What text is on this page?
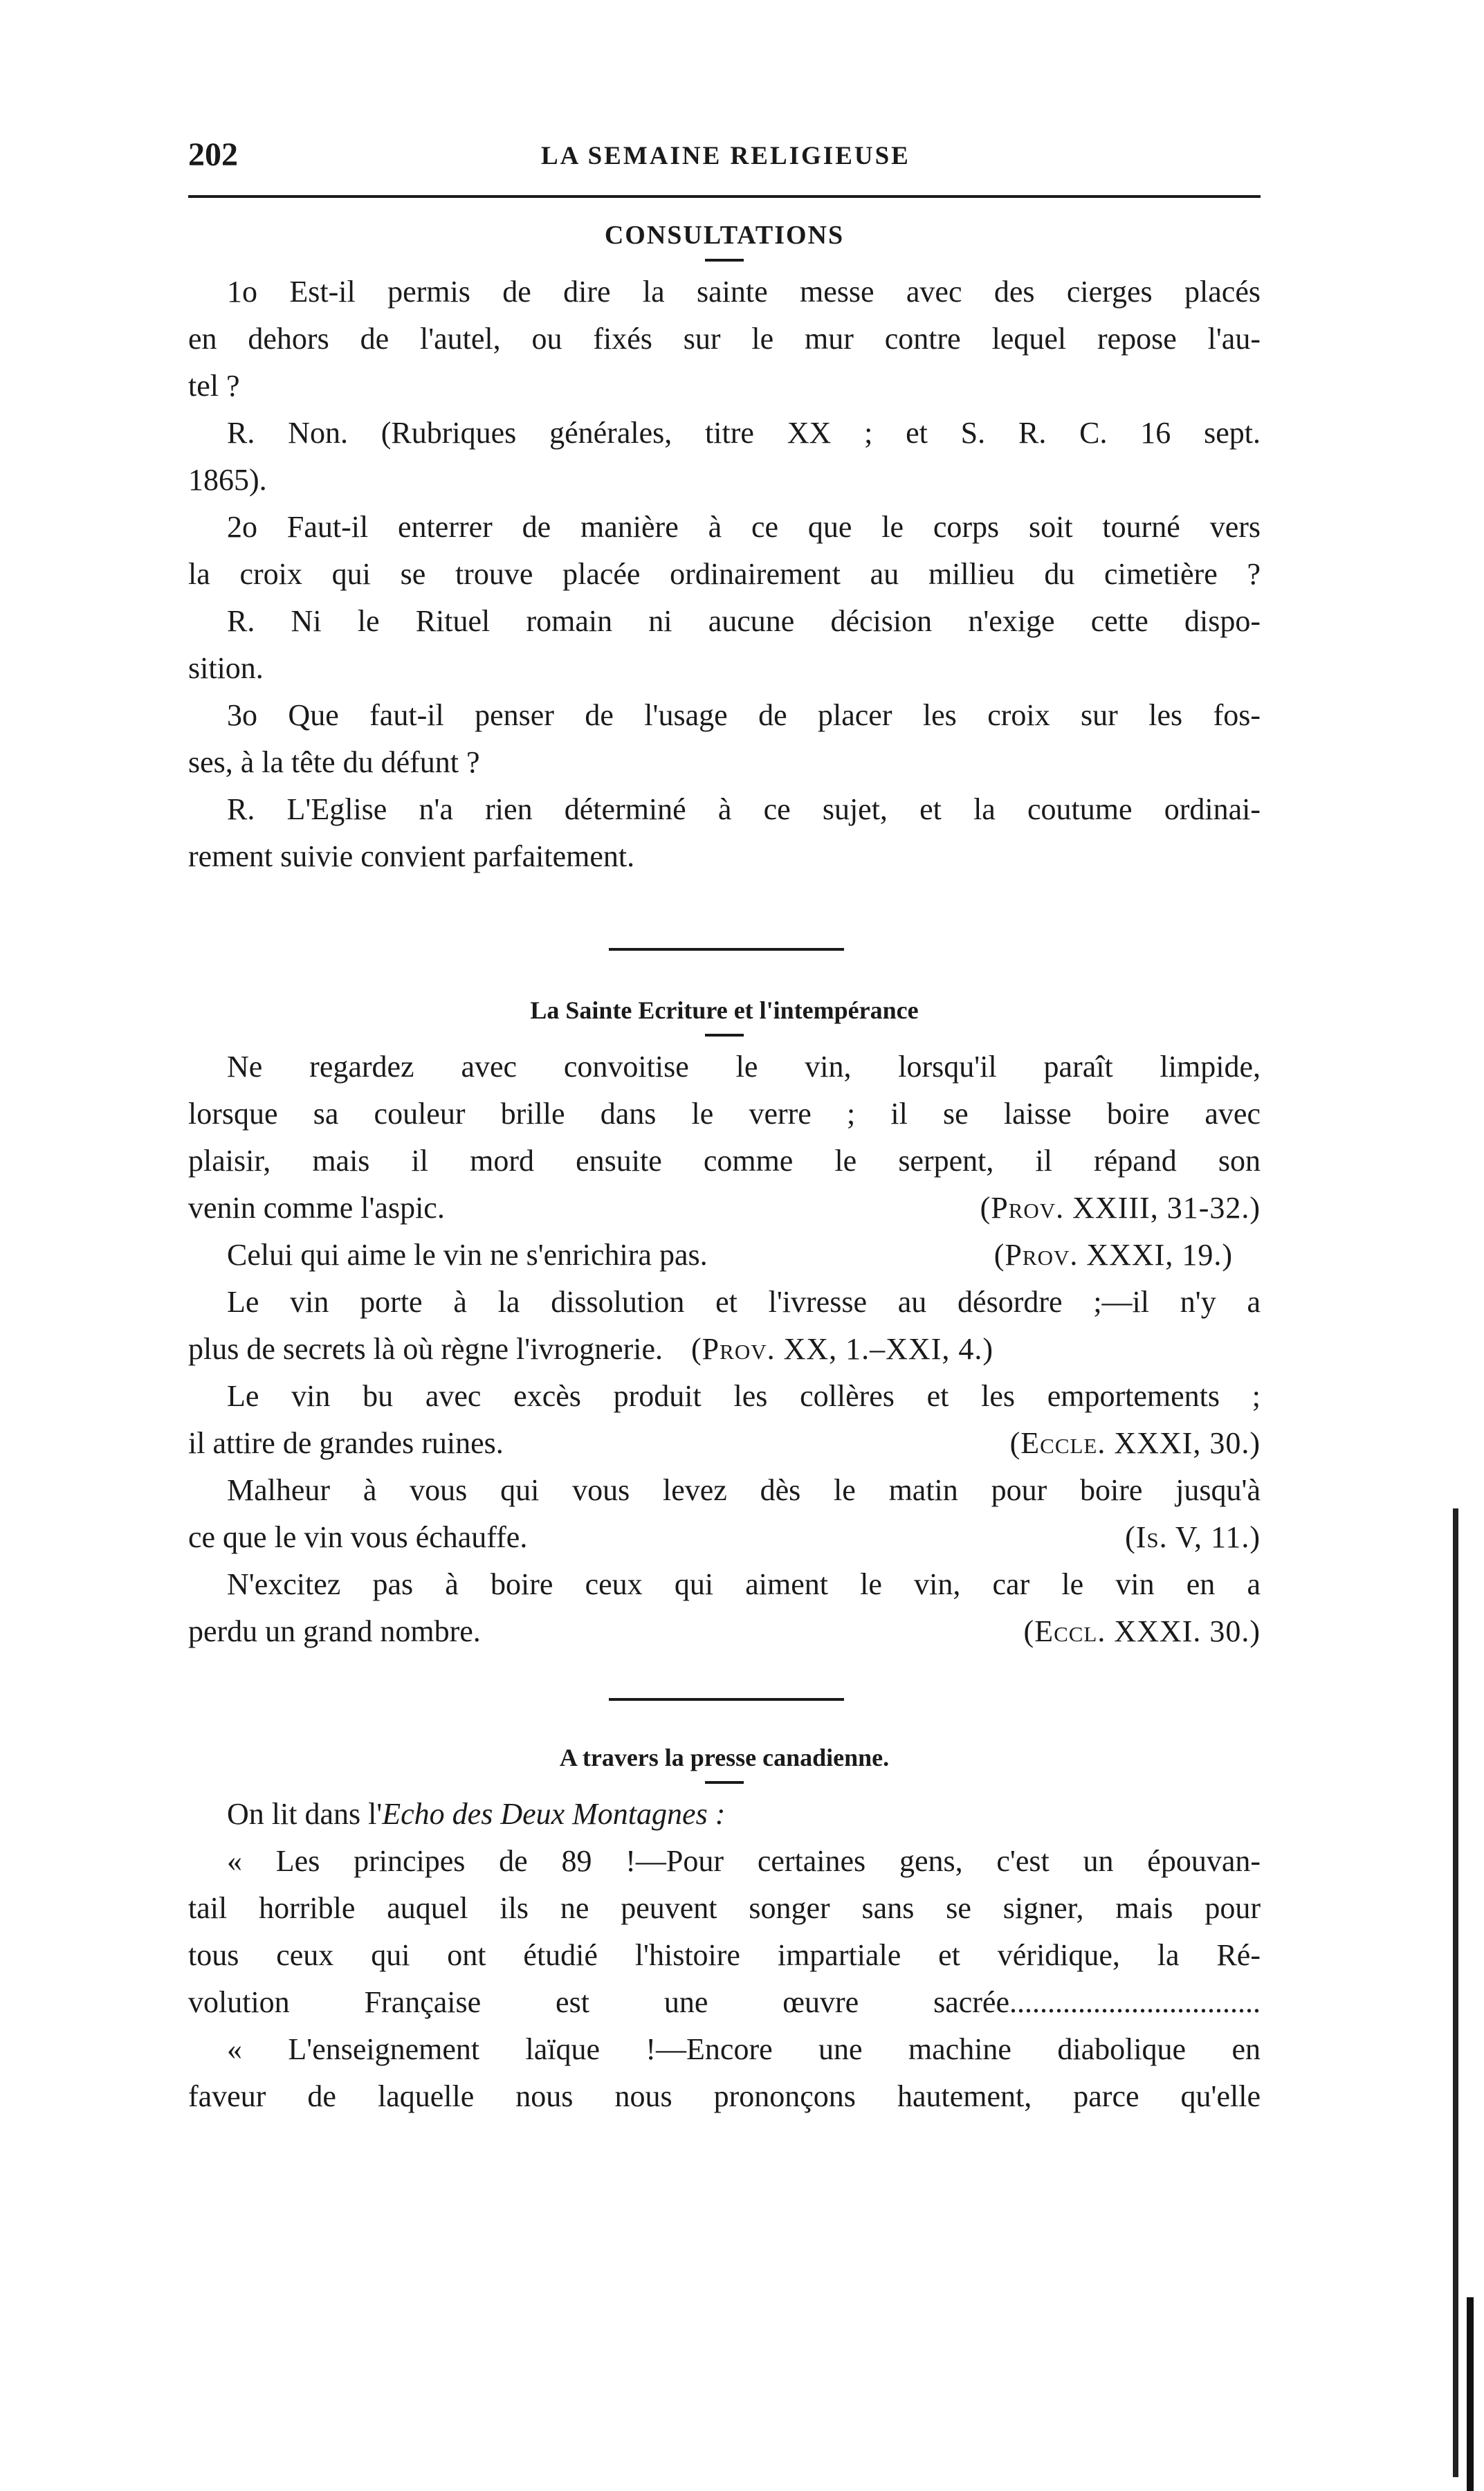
202	LA SEMAINE RELIGIEUSE
CONSULTATIONS
1o Est-il permis de dire la sainte messe avec des cierges placés
en dehors de l'autel, ou fixés sur le mur contre lequel repose l'au-
tel ?
R. Non. (Rubriques générales, titre XX ; et S. R. C. 16 sept.
1865).
2o Faut-il enterrer de manière à ce que le corps soit tourné vers
la croix qui se trouve placée ordinairement au millieu du cimetière ?
R. Ni le Rituel romain ni aucune décision n'exige cette dispo-
sition.
3o Que faut-il penser de l'usage de placer les croix sur les fos-
ses, à la tête du défunt ?
R. L'Eglise n'a rien déterminé à ce sujet, et la coutume ordinai-
rement suivie convient parfaitement.
La Sainte Ecriture et l'intempérance
Ne regardez avec convoitise le vin, lorsqu'il paraît limpide,
lorsque sa couleur brille dans le verre ; il se laisse boire avec
plaisir, mais il mord ensuite comme le serpent, il répand son
venin comme l'aspic.	(Prov. XXIII, 31-32.)
Celui qui aime le vin ne s'enrichira pas.	(Prov. XXXI, 19.)
Le vin porte à la dissolution et l'ivresse au désordre ;—il n'y a
plus de secrets là où règne l'ivrognerie. (Prov. XX, 1.–XXI, 4.)
Le vin bu avec excès produit les collères et les emportements ;
il attire de grandes ruines.	(Eccle. XXXI, 30.)
Malheur à vous qui vous levez dès le matin pour boire jusqu'à
ce que le vin vous échauffe.	(Is. V, 11.)
N'excitez pas à boire ceux qui aiment le vin, car le vin en a
perdu un grand nombre.	(Eccl. XXXI. 30.)
A travers la presse canadienne.
On lit dans l'Echo des Deux Montagnes :
« Les principes de 89 !—Pour certaines gens, c'est un épouvan-
tail horrible auquel ils ne peuvent songer sans se signer, mais pour
tous ceux qui ont étudié l'histoire impartiale et véridique, la Ré-
volution Française est une œuvre sacrée.................................
« L'enseignement laïque !—Encore une machine diabolique en
faveur de laquelle nous nous prononçons hautement, parce qu'elle
